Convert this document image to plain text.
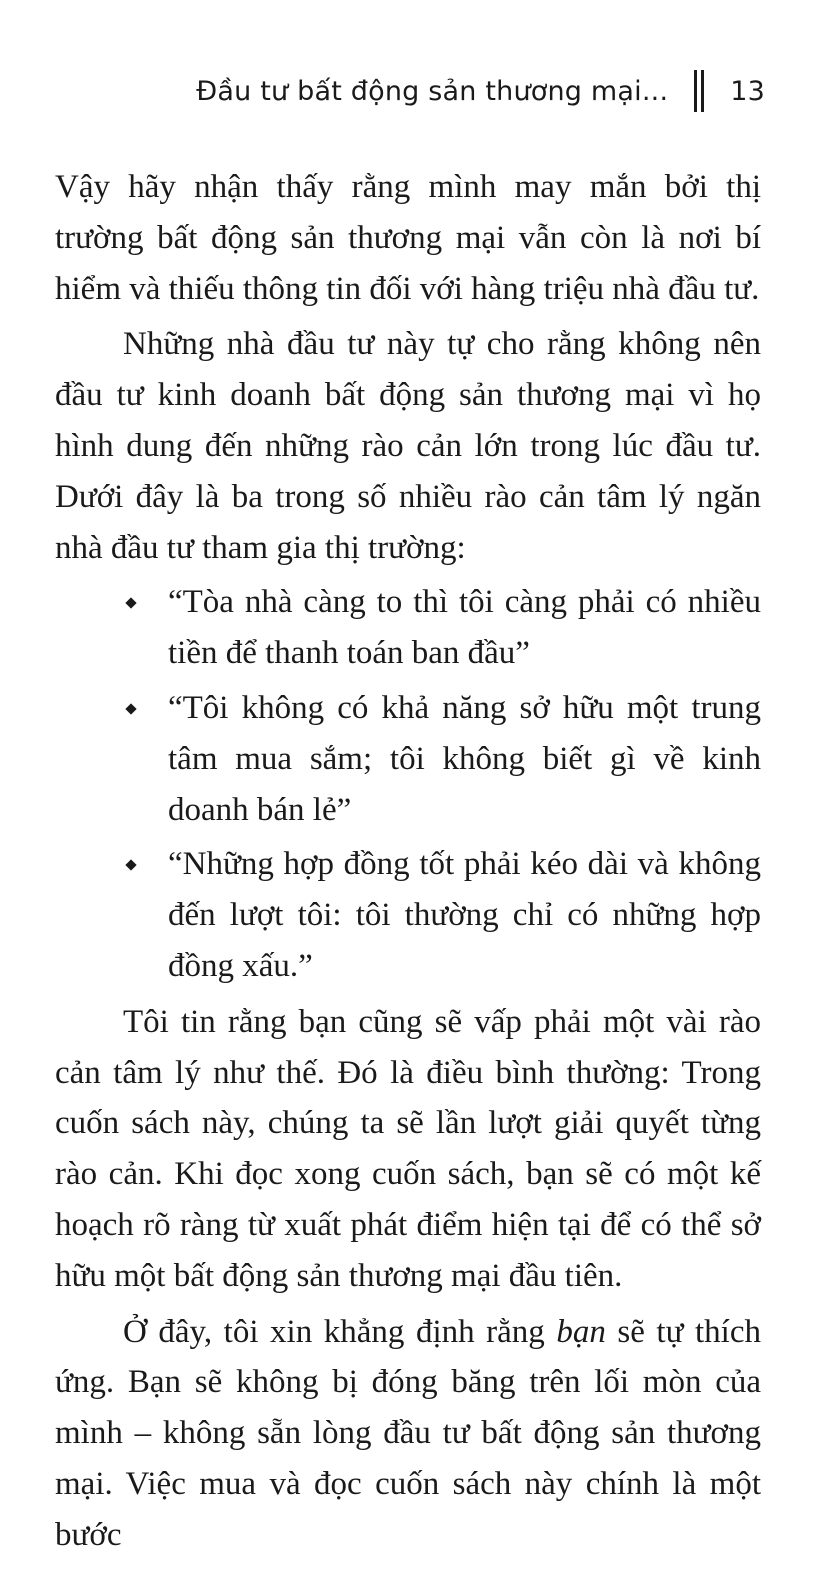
Đầu tư bất động sản thương mại... 13

Vậy hãy nhận thấy rằng mình may mắn bởi thị trường bất động sản thương mại vẫn còn là nơi bí hiểm và thiếu thông tin đối với hàng triệu nhà đầu tư.

Những nhà đầu tư này tự cho rằng không nên đầu tư kinh doanh bất động sản thương mại vì họ hình dung đến những rào cản lớn trong lúc đầu tư. Dưới đây là ba trong số nhiều rào cản tâm lý ngăn nhà đầu tư tham gia thị trường:

“Tòa nhà càng to thì tôi càng phải có nhiều tiền để thanh toán ban đầu”
“Tôi không có khả năng sở hữu một trung tâm mua sắm; tôi không biết gì về kinh doanh bán lẻ”
“Những hợp đồng tốt phải kéo dài và không đến lượt tôi: tôi thường chỉ có những hợp đồng xấu.”

Tôi tin rằng bạn cũng sẽ vấp phải một vài rào cản tâm lý như thế. Đó là điều bình thường: Trong cuốn sách này, chúng ta sẽ lần lượt giải quyết từng rào cản. Khi đọc xong cuốn sách, bạn sẽ có một kế hoạch rõ ràng từ xuất phát điểm hiện tại để có thể sở hữu một bất động sản thương mại đầu tiên.

Ở đây, tôi xin khẳng định rằng bạn sẽ tự thích ứng. Bạn sẽ không bị đóng băng trên lối mòn của mình – không sẵn lòng đầu tư bất động sản thương mại. Việc mua và đọc cuốn sách này chính là một bước
